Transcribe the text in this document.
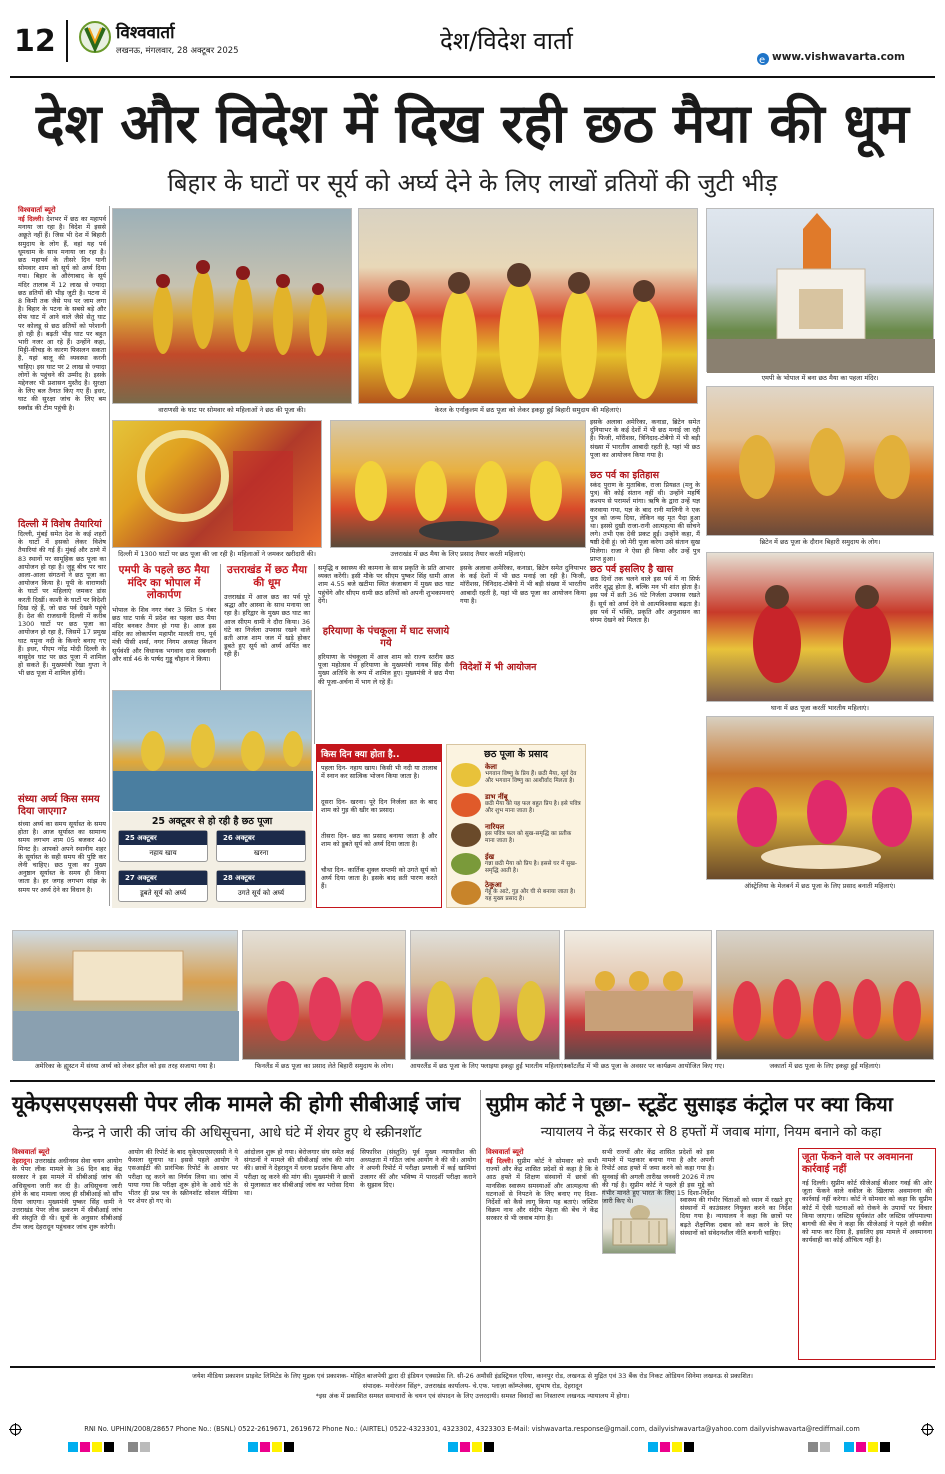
12	विश्ववार्ता
लखनऊ, मंगलवार, 28 अक्टूबर 2025	देश/विदेश वार्ता
e www.vishwavarta.com
देश और विदेश में दिख रही छठ मैया की धूम
बिहार के घाटों पर सूर्य को अर्घ्य देने के लिए लाखों व्रतियों की जुटी भीड़
विश्ववार्ता ब्यूरो
नई दिल्ली। देशभर में छठ का महापर्व मनाया जा रहा है। विदेश में इससे अछूते नहीं हैं। जिस भी देश में बिहारी समुदाय के लोग हैं, वहां यह पर्व धूमधाम के साथ मनाया जा रहा है। छठ महापर्व के तीसरे दिन यानी सोमवार शाम को सूर्य को अर्घ्य दिया गया। बिहार के औरंगाबाद के सूर्य मंदिर तालाब में 12 लाख से ज्यादा छठ व्रतियों की भीड़ जुटी है। पटना में 8 किमी तक जैसे पथ पर जाम लगा है। बिहार के पटना के सबसे बड़े और सेफ घाट में आने वाले जैसे सेतु घाट पर कोलडू से छठ व्रतियों को परेशानी हो रही है। बढ़ती भीड़ घाट पर बहुत भारी नजर आ रहे हैं। उन्होंने कहा, मिट्टी-कीचड़ के कारण फिसलन सकता है, यहां बालू की व्यवस्था करनी चाहिए। इस घाट पर 2 लाख से ज्यादा लोगों के पहुंचने की उम्मीद है। इसके मद्देनजर भी प्रशासन मुस्तैद है। सुरक्षा के लिए बल तैनात किए गए हैं। इधर, घाट की सुरक्षा जांच के लिए बम स्क्वॉड की टीम पहुंची है।
दिल्ली में विशेष तैयारियां
दिल्ली, मुंबई समेत देश के कई शहरों के घाटों में इसको लेकर विशेष तैयारियां की गई हैं। मुंबई और ठाणे में 83 स्थानों पर सामूहिक छठ पूजा का आयोजन हो रहा है। जुहू बीच पर चार आला-आला संगठनों ने छठ पूजा का आयोजन किया है। यूपी के वाराणसी के घाटों पर महिलाएं जमकर डांस करती दिखीं। काशी के घाटों पर विदेशी दिख रहे हैं, जो छठ पर्व देखने पहुंचे हैं। देश की राजधानी दिल्ली में करीब 1300 घाटों पर छठ पूजा का आयोजन हो रहा है, जिसमें 17 प्रमुख घाट यमुना नदी के किनारे बनाए गए हैं। इधर, पीएम नरेंद्र मोदी दिल्ली के वासुदेव घाट पर छठ पूजा में शामिल हो सकते हैं। मुख्यमंत्री रेखा गुप्ता ने भी छठ पूजा में शामिल होंगी।
संध्या अर्घ्य किस समय दिया जाएगा?
संध्या अर्घ्य का समय सूर्यास्त के समय होता है। आज सूर्यास्त का सामान्य समय लगभग शाम 05 बजकर 40 मिनट है। आपको अपने स्थानीय शहर के सूर्यास्त के सही समय की पुष्टि कर लेनी चाहिए। छठ पूजा का मुख्य अनुष्ठान सूर्यास्त के समय ही किया जाता है। हर जगह लगभग सांझ के समय पर अर्घ्य देने का विधान है।
वाराणसी के घाट पर सोमवार को महिलाओं ने छठ की पूजा की।	केरल के एर्नाकुलम में छठ पूजा को लेकर इकट्ठा हुईं बिहारी समुदाय की महिलाएं।
एमपी के भोपाल में बना छठ मैया का पहला मंदिर।
दिल्ली में 1300 घाटों पर छठ पूजा की जा रही है। महिलाओं ने जमकर खरीदारी की।	उत्तराखंड में छठ मैया के लिए प्रसाद तैयार करती महिलाएं।
ब्रिटेन में छठ पूजा के दौरान बिहारी समुदाय के लोग।
इसके अलावा अमेरिका, कनाडा, ब्रिटेन समेत दुनियाभर के कई देशों में भी छठ मनाई जा रही है। फिजी, मॉरीशस, त्रिनिदाद-टोबैगो में भी बड़ी संख्या में भारतीय आबादी रहती है, यहां भी छठ पूजा का आयोजन किया गया है।
छठ पर्व का इतिहास
स्कंद पुराण के मुताबिक, राजा प्रियव्रत (मनु के पुत्र) की कोई संतान नहीं थी। उन्होंने महर्षि कश्यप से परामर्श मांगा। ऋषि के द्वारा उन्हें यज्ञ करवाया गया, यज्ञ के बाद रानी मालिनी ने एक पुत्र को जन्म दिया, लेकिन वह मृत पैदा हुआ था। इससे दुखी राजा-रानी आत्महत्या की सोचने लगे। तभी एक देवी प्रकट हुईं। उन्होंने कहा, मैं षष्ठी देवी हूं। जो मेरी पूजा करेगा उसे संतान सुख मिलेगा। राजा ने ऐसा ही किया और उन्हें पुत्र प्राप्त हुआ।
एमपी के पहले छठ मैया मंदिर का भोपाल में लोकार्पण
भोपाल के शिव नगर नंबर 3 स्थित 5 नंबर छठ घाट पार्क में प्रदेश का पहला छठ मैया मंदिर बनकर तैयार हो गया है। आज इस मंदिर का लोकार्पण महापौर मालती राय, पूर्व मंत्री पीसी शर्मा, नगर निगम अध्यक्ष किशन सूर्यवंशी और विधायक भगवान दास सबनानी और वार्ड 46 के पार्षद गुड्डू चौहान ने किया।
उत्तराखंड में छठ मैया की धूम
उत्तराखंड में आज छठ का पर्व पूरे श्रद्धा और आस्था के साथ मनाया जा रहा है। हरिद्वार के मुख्य छठ घाट का आज सीएम धामी ने दौरा किया। 36 घंटे का निर्जला उपवास रखने वाले व्रती आज शाम जल में खड़े होकर डूबते हुए सूर्य को अर्घ्य अर्पित कर रही हैं।
समृद्धि व स्वास्थ्य की कामना के साथ प्रकृति के प्रति आभार व्यक्त करेंगी। इसी मौके पर सीएम पुष्कर सिंह धामी आज शाम 4.55 बजे खटीमा स्थित कंजाबाग में मुख्य छठ घाट पहुंचेंगे और सीएम धामी छठ व्रतियों को अपनी शुभकामनाएं देंगे।
हरियाणा के पंचकूला में घाट सजाये गये
हरियाणा के पंचकूला में आज शाम को राज्य स्तरीय छठ पूजा महोत्सव में हरियाणा के मुख्यमंत्री नायब सिंह सैनी मुख्य अतिथि के रूप में शामिल हुए। मुख्यमंत्री ने छठ मैया की पूजा-अर्चना में भाग ले रहे हैं।
इसके अलावा अमेरिका, कनाडा, ब्रिटेन समेत दुनियाभर के कई देशों में भी छठ मनाई जा रही है। फिजी, मॉरीशस, त्रिनिदाद-टोबैगो में भी बड़ी संख्या में भारतीय आबादी रहती है, यहां भी छठ पूजा का आयोजन किया गया है।
विदेशों में भी आयोजन
छठ पर्व इसलिए है खास
छठ दिनों तक चलने वाले इस पर्व में ना सिर्फ शरीर शुद्ध होता है, बल्कि मन भी शांत होता है। इस पर्व में व्रती 36 घंटे निर्जला उपवास रखते हैं। सूर्य को अर्घ्य देने से आत्मविश्वास बढ़ता है। इस पर्व में भक्ति, प्रकृति और अनुशासन का संगम देखने को मिलता है।
घाना में छठ पूजा करतीं भारतीय महिलाएं।
ऑस्ट्रेलिया के मेलबर्न में छठ पूजा के लिए प्रसाद बनाती महिलाएं।
25 अक्टूबर से हो रही है छठ पूजा
25 अक्टूबर
नहाय खाय
26 अक्टूबर
खरना
27 अक्टूबर
डूबते सूर्य को अर्घ्य
28 अक्टूबर
उगते सूर्य को अर्घ्य
किस दिन क्या होता है..
पहला दिन- नहाय खाय। किसी भी नदी या तालाब में स्नान कर सात्विक भोजन किया जाता है।
दूसरा दिन- खरना। पूरे दिन निर्जला व्रत के बाद शाम को गुड़ की खीर का प्रसाद।
तीसरा दिन- छठ का प्रसाद बनाया जाता है और शाम को डूबते सूर्य को अर्घ्य दिया जाता है।
चौथा दिन- कार्तिक शुक्ल सप्तमी को उगते सूर्य को अर्घ्य दिया जाता है। इसके बाद व्रती पारण करते हैं।
छठ पूजा के प्रसाद
केला
भगवान विष्णु के प्रिय हैं। छठी मैया, सूर्य देव और भगवान विष्णु का आशीर्वाद मिलता है।
डाभ नींबू
छठी मैया को यह फल बहुत प्रिय है। इसे पवित्र और शुभ माना जाता है।
नारियल
इस पवित्र फल को सुख-समृद्धि का प्रतीक माना जाता है।
ईख
गन्ना छठी मैया को प्रिय है। इससे घर में सुख-समृद्धि आती है।
ठेकुआ
गेहूं के आटे, गुड़ और घी से बनाया जाता है। यह मुख्य प्रसाद है।
अमेरिका के ह्यूस्टन में संध्या अर्घ्य को लेकर झील को इस तरह सजाया गया है।	फिनलैंड में छठ पूजा का प्रसाद लेते बिहारी समुदाय के लोग।	आयरलैंड में छठ पूजा के लिए फ्लाइया इकट्ठा हुईं भारतीय महिलाएं।
स्कॉटलैंड में भी छठ पूजा के अवसर पर कार्यक्रम आयोजित किए गए।	जकार्ता में छठ पूजा के लिए इकट्ठा हुईं महिलाएं।
यूकेएसएसएससी पेपर लीक मामले की होगी सीबीआई जांच
केन्द्र ने जारी की जांच की अधिसूचना, आधे घंटे में शेयर हुए थे स्क्रीनशॉट
विश्ववार्ता ब्यूरो
देहरादून। उत्तराखंड अधीनस्थ सेवा चयन आयोग के पेपर लीक मामले के 36 दिन बाद केंद्र सरकार ने इस मामले में सीबीआई जांच की अधिसूचना जारी कर दी है। अधिसूचना जारी होने के बाद मामला जल्द ही सीबीआई को सौंप दिया जाएगा। मुख्यमंत्री पुष्कर सिंह धामी ने उत्तराखंड पेपर लीक प्रकरण में सीबीआई जांच की संस्तुति दी थी। सूत्रों के अनुसार सीबीआई टीम जल्द देहरादून पहुंचकर जांच शुरू करेगी।
आयोग की रिपोर्ट के बाद यूकेएसएसएससी ने ये फैसला सुनाया था। इससे पहले आयोग ने एसआईटी की प्रारंभिक रिपोर्ट के आधार पर परीक्षा रद्द करने का निर्णय लिया था। जांच में पाया गया कि परीक्षा शुरू होने के आधे घंटे के भीतर ही प्रश्न पत्र के स्क्रीनशॉट सोशल मीडिया पर शेयर हो गए थे।
आंदोलन शुरू हो गया। बेरोजगार संघ समेत कई संगठनों ने मामले की सीबीआई जांच की मांग की। छात्रों ने देहरादून में धरना प्रदर्शन किया और परीक्षा रद्द करने की मांग की। मुख्यमंत्री ने छात्रों से मुलाकात कर सीबीआई जांच का भरोसा दिया था।
सिफारिश (संस्तुति) पूर्व मुख्य न्यायाधीश की अध्यक्षता में गठित जांच आयोग ने की थी। आयोग ने अपनी रिपोर्ट में परीक्षा प्रणाली में कई खामियां उजागर कीं और भविष्य में पारदर्शी परीक्षा कराने के सुझाव दिए।
सुप्रीम कोर्ट ने पूछा– स्टूडेंट सुसाइड कंट्रोल पर क्या किया
न्यायालय ने केंद्र सरकार से 8 हफ्तों में जवाब मांगा, नियम बनाने को कहा
विश्ववार्ता ब्यूरो
नई दिल्ली। सुप्रीम कोर्ट ने सोमवार को सभी राज्यों और केंद्र शासित प्रदेशों से कहा है कि वे आठ हफ्ते में शिक्षण संस्थानों में छात्रों की मानसिक स्वास्थ्य समस्याओं और आत्महत्या की घटनाओं से निपटने के लिए बनाए गए दिशा-निर्देशों को कैसे लागू किया यह बताएं। जस्टिस विक्रम नाथ और संदीप मेहता की बेंच ने केंद्र सरकार से भी जवाब मांगा है।
सभी राज्यों और केंद्र शासित प्रदेशों को इस मामले में पक्षकार बनाया गया है और अपनी रिपोर्ट आठ हफ्ते में जमा करने को कहा गया है। सुनवाई की अगली तारीख जनवरी 2026 में तय की गई है। सुप्रीम कोर्ट ने पहले ही इस मुद्दे को गंभीर मानते हुए भारत के लिए 15 दिशा-निर्देश जारी किए थे।	स्वास्थ्य की गंभीर चिंताओं को ध्यान में रखते हुए संस्थानों में काउंसलर नियुक्त करने का निर्देश दिया गया है। न्यायालय ने कहा कि छात्रों पर बढ़ते शैक्षणिक दबाव को कम करने के लिए संस्थानों को संवेदनशील नीति बनानी चाहिए।
जूता फेंकने वाले पर अवमानना कार्रवाई नहीं
नई दिल्ली। सुप्रीम कोर्ट सीजेआई बीआर गवई की ओर जूता फेंकने वाले वकील के खिलाफ अवमानना की कार्रवाई नहीं करेगा। कोर्ट ने सोमवार को कहा कि सुप्रीम कोर्ट में ऐसी घटनाओं को रोकने के उपायों पर विचार किया जाएगा। जस्टिस सूर्यकांत और जस्टिस जॉयमाल्या बागची की बेंच ने कहा कि सीजेआई ने पहले ही वकील को माफ कर दिया है, इसलिए इस मामले में अवमानना कार्यवाही का कोई औचित्य नहीं है।
जयेश मीडिया प्रकाशन प्राइवेट लिमिटेड के लिए मुद्रक एवं प्रकाशक- मोहित बाजपेयी द्वारा दी इंडियन एक्सप्रेस लि. सी-26 अमौसी इंडस्ट्रियल एरिया, कानपुर रोड, लखनऊ से मुद्रित एवं 33 बैंक रोड निकट ओडियन सिनेमा लखनऊ से प्रकाशित।
संपादक- मनोरंजन सिंह*, उत्तराखंड कार्यालय- चे.एफ. प्लाज़ा कॉम्प्लेक्स, सुभाष रोड, देहरादून
*इस अंक में प्रकाशित समस्त समाचारों के चयन एवं संपादन के लिए उत्तरदायी। समस्त विवादों का निस्तारण लखनऊ न्यायालय में होगा।
RNI No. UPHIN/2008/28657 Phone No.: (BSNL) 0522-2619671, 2619672 Phone No.: (AIRTEL) 0522-4323301, 4323302, 4323303 E-Mail: vishwavarta.response@gmail.com, dailyvishwavarta@yahoo.com dailyvishwavarta@rediffmail.com
